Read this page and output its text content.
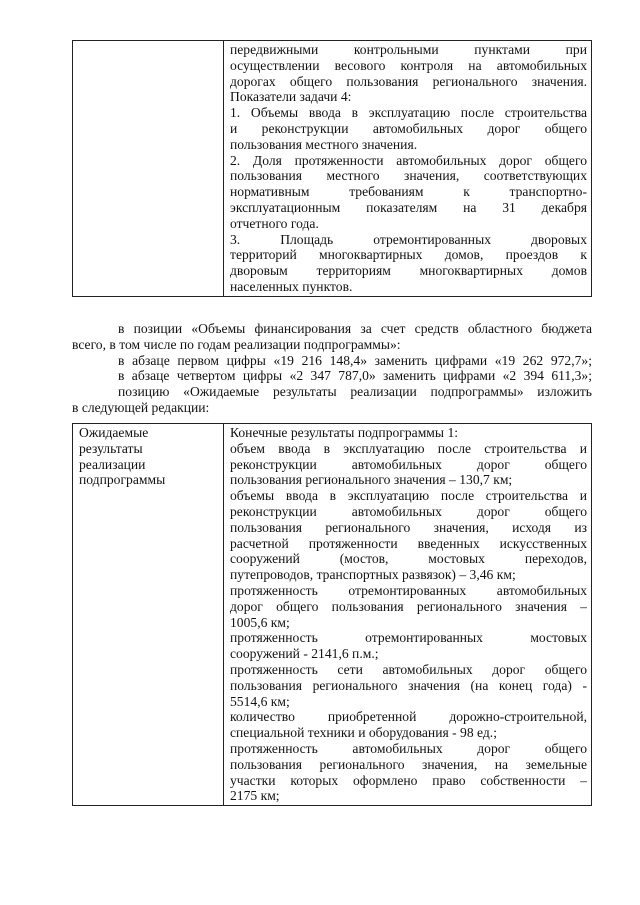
передвижными контрольными пунктами при
осуществлении весового контроля на автомобильных
дорогах общего пользования регионального значения.
Показатели задачи 4:
1. Объемы ввода в эксплуатацию после строительства
и реконструкции автомобильных дорог общего
пользования местного значения.
2. Доля протяженности автомобильных дорог общего
пользования местного значения, соответствующих
нормативным требованиям к транспортно-
эксплуатационным показателям на 31 декабря
отчетного года.
3. Площадь отремонтированных дворовых
территорий многоквартирных домов, проездов к
дворовым территориям многоквартирных домов
населенных пунктов.
в позиции «Объемы финансирования за счет средств областного бюджета
всего, в том числе по годам реализации подпрограммы»:
в абзаце первом цифры «19 216 148,4» заменить цифрами «19 262 972,7»;
в абзаце четвертом цифры «2 347 787,0» заменить цифрами «2 394 611,3»;
позицию «Ожидаемые результаты реализации подпрограммы» изложить
в следующей редакции:
Ожидаемые
результаты
реализации
подпрограммы

Конечные результаты подпрограммы 1:
объем ввода в эксплуатацию после строительства и
реконструкции автомобильных дорог общего
пользования регионального значения – 130,7 км;
объемы ввода в эксплуатацию после строительства и
реконструкции автомобильных дорог общего
пользования регионального значения, исходя из
расчетной протяженности введенных искусственных
сооружений (мостов, мостовых переходов,
путепроводов, транспортных развязок) – 3,46 км;
протяженность отремонтированных автомобильных
дорог общего пользования регионального значения –
1005,6 км;
протяженность отремонтированных мостовых
сооружений - 2141,6 п.м.;
протяженность сети автомобильных дорог общего
пользования регионального значения (на конец года) -
5514,6 км;
количество приобретенной дорожно-строительной,
специальной техники и оборудования - 98 ед.;
протяженность автомобильных дорог общего
пользования регионального значения, на земельные
участки которых оформлено право собственности –
2175 км;
